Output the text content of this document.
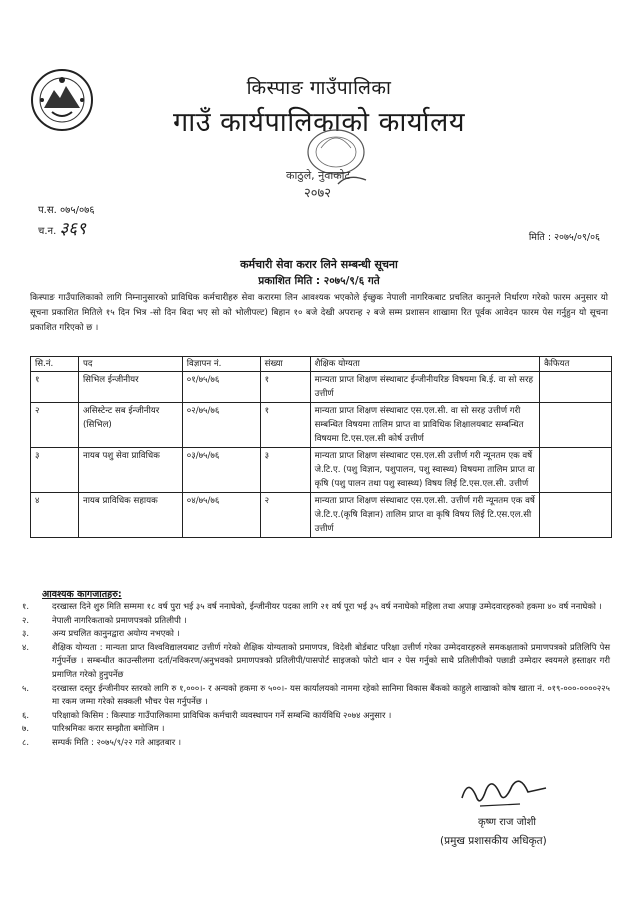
किस्पाङ गाउँपालिका
गाउँ कार्यपालिकाको कार्यालय
काठुले, नुवाकोट
२०७२
प.स. ०७५/०७६
च.न. ३६९	मिति : २०७५/०९/०६
कर्मचारी सेवा करार लिने सम्बन्धी सूचना
प्रकाशित मिति : २०७५/९/६ गते
किस्पाङ गाउँपालिकाको लागि निम्नानुसारको प्राविधिक कर्मचारीहरु सेवा करारमा लिन आवश्यक भएकोले ईच्छुक नेपाली नागरिकबाट प्रचलित कानुनले निर्धारण गरेको फारम अनुसार यो सूचना प्रकाशित मितिले १५ दिन भित्र -सो दिन बिदा भए सो को भोलीपल्ट) बिहान १० बजे देखी अपरान्ह २ बजे सम्म प्रशासन शाखामा रित पूर्वक आवेदन फारम पेस गर्नुहुन यो सूचना प्रकाशित गरिएको छ ।
सि.नं.	पद	विज्ञापन नं.	संख्या	शैक्षिक योग्यता	कैफियत
१	सिभिल ईन्जीनीयर	०१/७५/७६	१	मान्यता प्राप्त शिक्षण संस्थाबाट ईन्जीनीयरिङ विषयमा बि.ई. वा सो सरह उत्तीर्ण	
२	असिस्टेन्ट सब ईन्जीनीयर (सिभिल)	०२/७५/७६	१	मान्यता प्राप्त शिक्षण संस्थाबाट एस.एल.सी. वा सो सरह उत्तीर्ण गरी सम्बन्धित विषयमा तालिम प्राप्त वा प्राविधिक शिक्षालयबाट सम्बन्धित विषयमा टि.एस.एल.सी कोर्ष उत्तीर्ण	
३	नायब पशु सेवा प्राविधिक	०३/७५/७६	३	मान्यता प्राप्त शिक्षण संस्थाबाट एस.एल.सी उत्तीर्ण गरी न्यूनतम एक वर्षे जे.टि.ए. (पशु विज्ञान, पशुपालन, पशु स्वास्थ्य) विषयमा तालिम प्राप्त वा कृषि (पशु पालन तथा पशु स्वास्थ्य) विषय लिई टि.एस.एल.सी. उत्तीर्ण	
४	नायब प्राविधिक सहायक	०४/७५/७६	२	मान्यता प्राप्त शिक्षण संस्थाबाट एस.एल.सी. उत्तीर्ण गरी न्यूनतम एक वर्षे जे.टि.ए.(कृषि विज्ञान) तालिम प्राप्त वा कृषि विषय लिई टि.एस.एल.सी उत्तीर्ण	
आवश्यक कागजातहरु:
१.	दरखास्त दिने शुरु मिति सम्ममा १८ वर्ष पुरा भई ३५ वर्ष ननाघेको, ईन्जीनीयर पदका लागि २१ वर्ष पूरा भई ३५ वर्ष ननाघेको महिला तथा अपाङ्ग उम्मेदवारहरुको हकमा ४० वर्ष ननाघेको ।
२.	नेपाली नागरिकताको प्रमाणपत्रको प्रतिलीपी ।
३.	अन्य प्रचलित कानुनद्वारा अयोग्य नभएको ।
४.	शैक्षिक योग्यता : मान्यता प्राप्त विश्वविद्यालयबाट उत्तीर्ण गरेको शैक्षिक योग्यताको प्रमाणपत्र, विदेशी बोर्डबाट परिक्षा उत्तीर्ण गरेका उम्मेदवारहरुले समकक्षताको प्रमाणपत्रको प्रतिलिपि पेस गर्नुपर्नेछ । सम्बन्धीत काउन्सीलमा दर्ता/नविकरण/अनुभवको प्रमाणपत्रको प्रतिलीपी/पासपोर्ट साइजको फोटो थान २ पेस गर्नुको साथै प्रतिलीपीको पछाडी उम्मेदार स्वयमले हस्ताक्षर गरी प्रमाणित गरेको हुनुपर्नेछ
५.	दरखास्त दस्तुर ईन्जीनीयर स्तरको लागि रु १,०००।- र अन्यको हकमा रु ५००।- यस कार्यालयको नाममा रहेको सानिमा विकास बैंकको काहुले शाखाको कोष खाता नं. ०१९-०००-००००२२५ मा रकम जम्मा गरेको सक्कली भौचर पेस गर्नुपर्नेछ ।
६.	परिक्षाको किसिम : किस्पाङ गाउँपालिकामा प्राविधिक कर्मचारी व्यवस्थापन गर्ने सम्बन्धि कार्यविधि २०७४ अनुसार ।
७.	पारिश्रमिकः करार सम्झौता बमोजिम ।
८.	सम्पर्क मिति : २०७५/९/२२ गते आइतबार ।
कृष्ण राज जोशी
(प्रमुख प्रशासकीय अधिकृत)
